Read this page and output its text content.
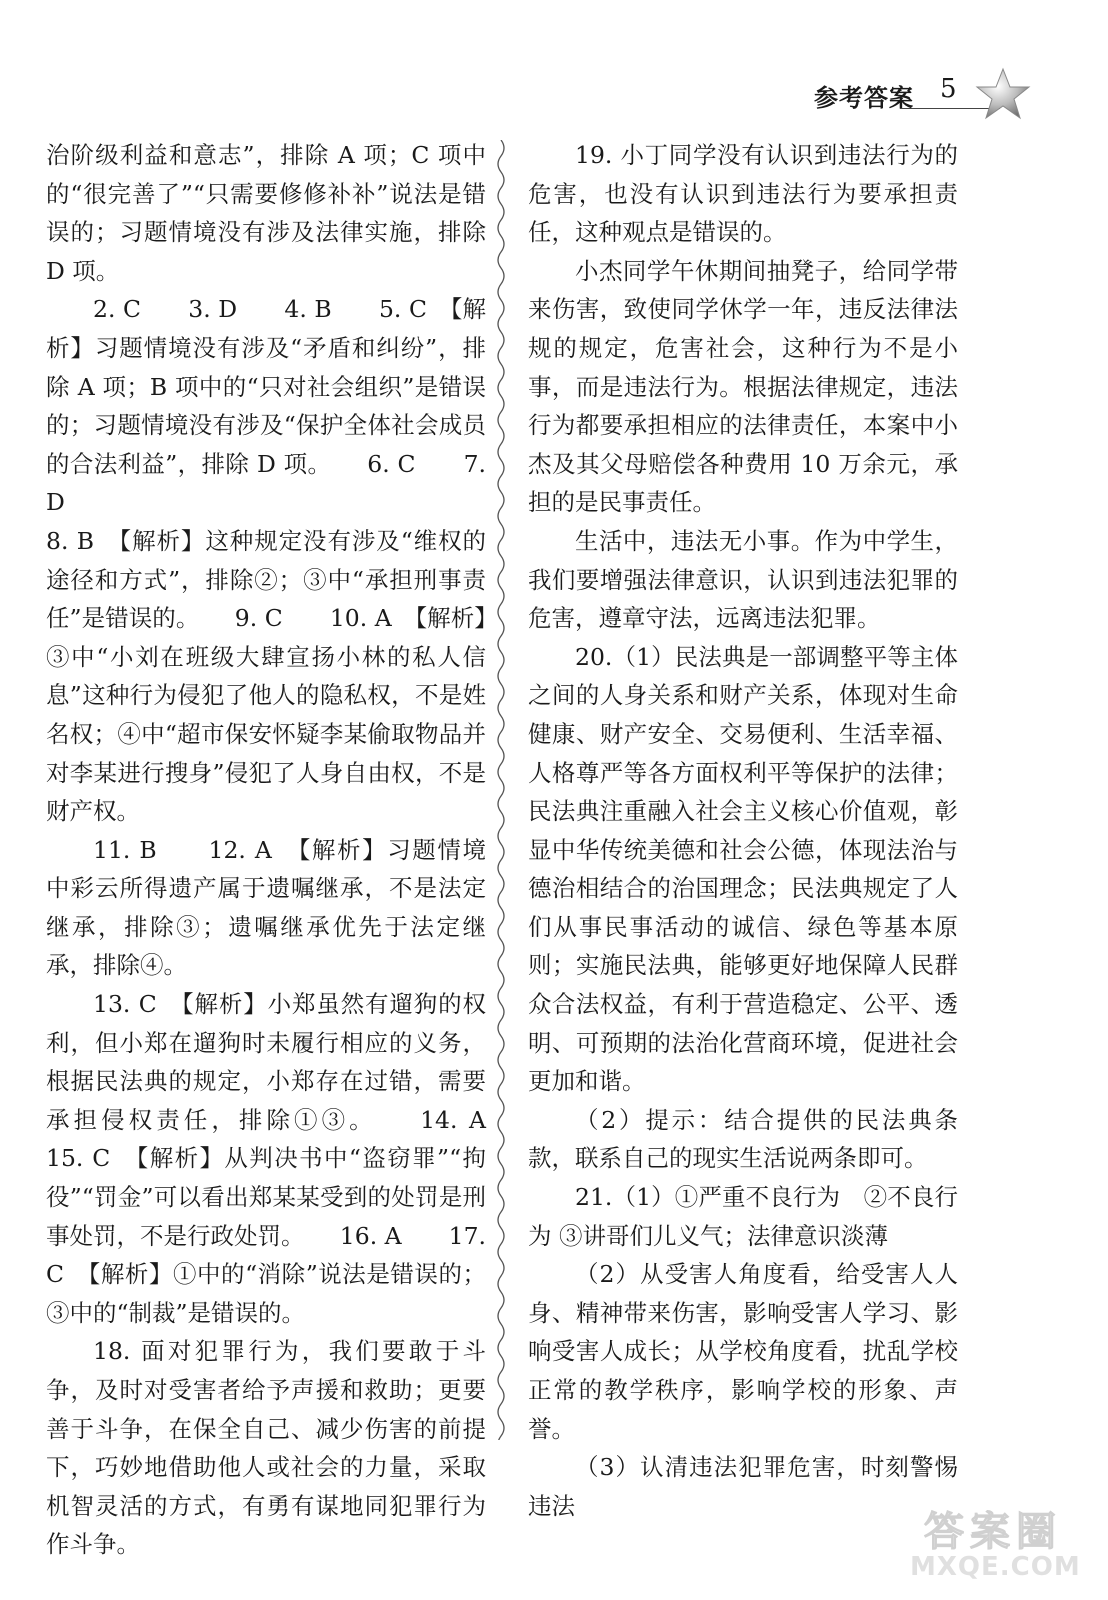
参考答案 5

治阶级利益和意志”，排除 A 项；C 项中的“很完善了”“只需要修修补补”说法是错误的；习题情境没有涉及法律实施，排除 D 项。

2. C　　3. D　　4. B　　5. C　【解析】习题情境没有涉及“矛盾和纠纷”，排除 A 项；B 项中的“只对社会组织”是错误的；习题情境没有涉及“保护全体社会成员的合法利益”，排除 D 项。　　6. C　　7. D

8. B　【解析】这种规定没有涉及“维权的途径和方式”，排除②；③中“承担刑事责任”是错误的。　　9. C　　10. A　【解析】③中“小刘在班级大肆宣扬小林的私人信息”这种行为侵犯了他人的隐私权，不是姓名权；④中“超市保安怀疑李某偷取物品并对李某进行搜身”侵犯了人身自由权，不是财产权。

11. B　　12. A　【解析】习题情境中彩云所得遗产属于遗嘱继承，不是法定继承，排除③；遗嘱继承优先于法定继承，排除④。

13. C　【解析】小郑虽然有遛狗的权利，但小郑在遛狗时未履行相应的义务，根据民法典的规定，小郑存在过错，需要承担侵权责任，排除①③。　　14. A　　15. C　【解析】从判决书中“盗窃罪”“拘役”“罚金”可以看出郑某某受到的处罚是刑事处罚，不是行政处罚。　　16. A　　17. C　【解析】①中的“消除”说法是错误的；③中的“制裁”是错误的。

18. 面对犯罪行为，我们要敢于斗争，及时对受害者给予声援和救助；更要善于斗争，在保全自己、减少伤害的前提下，巧妙地借助他人或社会的力量，采取机智灵活的方式，有勇有谋地同犯罪行为作斗争。

19. 小丁同学没有认识到违法行为的危害，也没有认识到违法行为要承担责任，这种观点是错误的。

小杰同学午休期间抽凳子，给同学带来伤害，致使同学休学一年，违反法律法规的规定，危害社会，这种行为不是小事，而是违法行为。根据法律规定，违法行为都要承担相应的法律责任，本案中小杰及其父母赔偿各种费用 10 万余元，承担的是民事责任。

生活中，违法无小事。作为中学生，我们要增强法律意识，认识到违法犯罪的危害，遵章守法，远离违法犯罪。

20.（1）民法典是一部调整平等主体之间的人身关系和财产关系，体现对生命健康、财产安全、交易便利、生活幸福、人格尊严等各方面权利平等保护的法律；民法典注重融入社会主义核心价值观，彰显中华传统美德和社会公德，体现法治与德治相结合的治国理念；民法典规定了人们从事民事活动的诚信、绿色等基本原则；实施民法典，能够更好地保障人民群众合法权益，有利于营造稳定、公平、透明、可预期的法治化营商环境，促进社会更加和谐。

（2）提示：结合提供的民法典条款，联系自己的现实生活说两条即可。

21.（1）①严重不良行为　②不良行为 ③讲哥们儿义气；法律意识淡薄

（2）从受害人角度看，给受害人人身、精神带来伤害，影响受害人学习、影响受害人成长；从学校角度看，扰乱学校正常的教学秩序，影响学校的形象、声誉。

（3）认清违法犯罪危害，时刻警惕违法

答案圈
MXQE.COM
